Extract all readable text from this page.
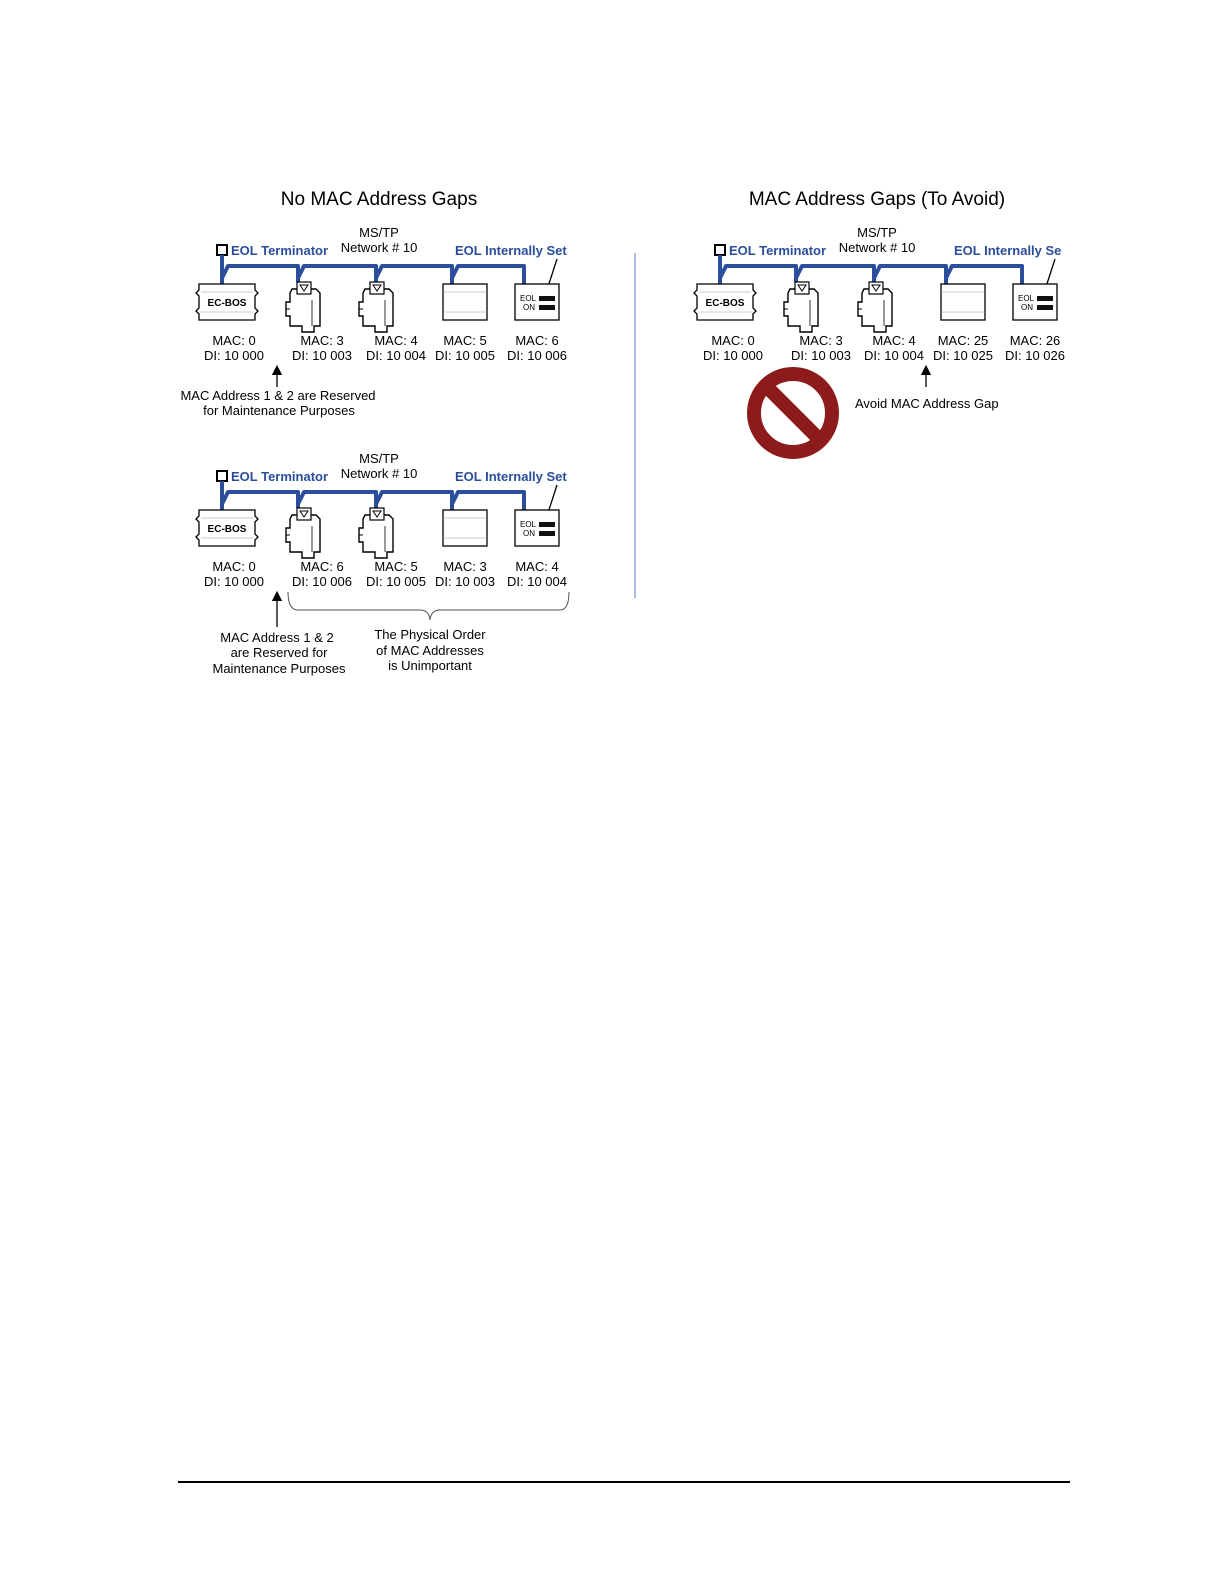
No MAC Address Gaps
MS/TP
Network # 10
EOL Terminator	EOL Internally Set
EC-BOS	EOL
ON
MAC: 0
DI: 10 000
MAC: 3
DI: 10 003
MAC: 4
DI: 10 004
MAC: 5
DI: 10 005
MAC: 6
DI: 10 006
MAC Address 1 & 2 are Reserved
for Maintenance Purposes
MS/TP
Network # 10
EOL Terminator	EOL Internally Set
EC-BOS	EOL
ON
MAC: 0
DI: 10 000
MAC: 6
DI: 10 006
MAC: 5
DI: 10 005
MAC: 3
DI: 10 003
MAC: 4
DI: 10 004
MAC Address 1 & 2
are Reserved for
Maintenance Purposes
The Physical Order
of MAC Addresses
is Unimportant
MAC Address Gaps (To Avoid)
MS/TP
Network # 10
EOL Terminator	EOL Internally Se
EC-BOS	EOL
ON
MAC: 0
DI: 10 000
MAC: 3
DI: 10 003
MAC: 4
DI: 10 004
MAC: 25
DI: 10 025
MAC: 26
DI: 10 026
Avoid MAC Address Gap
